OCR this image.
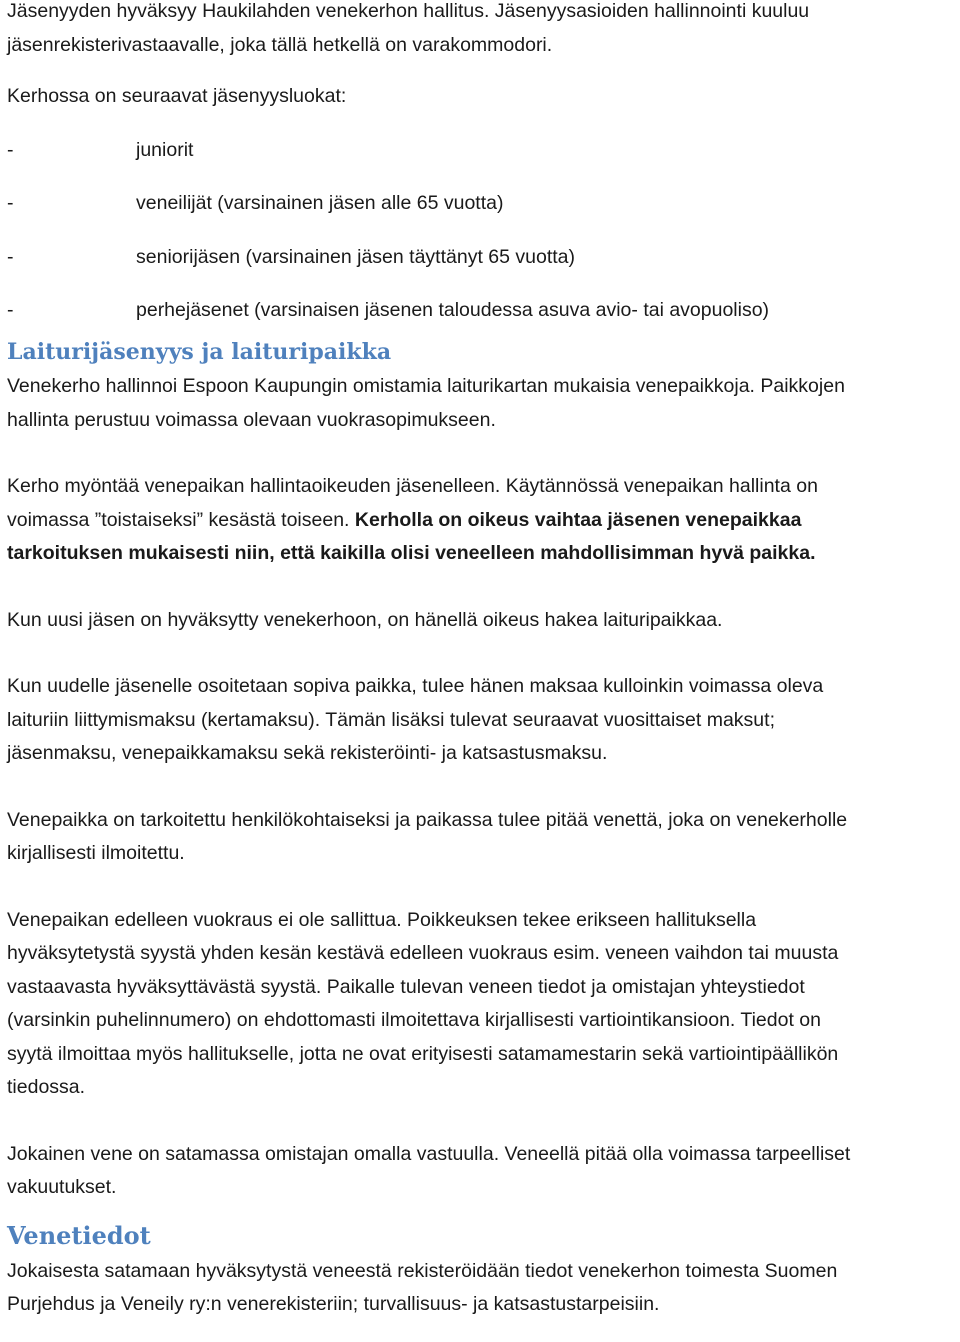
Jäsenyyden hyväksyy Haukilahden venekerhon hallitus. Jäsenyysasioiden hallinnointi kuuluu
jäsenrekisterivastaavalle, joka tällä hetkellä on varakommodori.

Kerhossa on seuraavat jäsenyysluokat:

-	juniorit
-	veneilijät (varsinainen jäsen alle 65 vuotta)
-	seniorijäsen (varsinainen jäsen täyttänyt 65 vuotta)
-	perhejäsenet (varsinaisen jäsenen taloudessa asuva avio- tai avopuoliso)
Laiturijäsenyys ja laituripaikka

Venekerho hallinnoi Espoon Kaupungin omistamia laiturikartan mukaisia venepaikkoja. Paikkojen
hallinta perustuu voimassa olevaan vuokrasopimukseen.

Kerho myöntää venepaikan hallintaoikeuden jäsenelleen. Käytännössä venepaikan hallinta on
voimassa ”toistaiseksi” kesästä toiseen. Kerholla on oikeus vaihtaa jäsenen venepaikkaa
tarkoituksen mukaisesti niin, että kaikilla olisi veneelleen mahdollisimman hyvä paikka.

Kun uusi jäsen on hyväksytty venekerhoon, on hänellä oikeus hakea laituripaikkaa.

Kun uudelle jäsenelle osoitetaan sopiva paikka, tulee hänen maksaa kulloinkin voimassa oleva
laituriin liittymismaksu (kertamaksu). Tämän lisäksi tulevat seuraavat vuosittaiset maksut;
jäsenmaksu, venepaikkamaksu sekä rekisteröinti- ja katsastusmaksu.

Venepaikka on tarkoitettu henkilökohtaiseksi ja paikassa tulee pitää venettä, joka on venekerholle
kirjallisesti ilmoitettu.

Venepaikan edelleen vuokraus ei ole sallittua. Poikkeuksen tekee erikseen hallituksella
hyväksytetystä syystä yhden kesän kestävä edelleen vuokraus esim. veneen vaihdon tai muusta
vastaavasta hyväksyttävästä syystä. Paikalle tulevan veneen tiedot ja omistajan yhteystiedot
(varsinkin puhelinnumero) on ehdottomasti ilmoitettava kirjallisesti vartiointikansioon. Tiedot on
syytä ilmoittaa myös hallitukselle, jotta ne ovat erityisesti satamamestarin sekä vartiointipäällikön
tiedossa.

Jokainen vene on satamassa omistajan omalla vastuulla. Veneellä pitää olla voimassa tarpeelliset
vakuutukset.

Venetiedot

Jokaisesta satamaan hyväksytystä veneestä rekisteröidään tiedot venekerhon toimesta Suomen
Purjehdus ja Veneily ry:n venerekisteriin; turvallisuus- ja katsastustarpeisiin.
